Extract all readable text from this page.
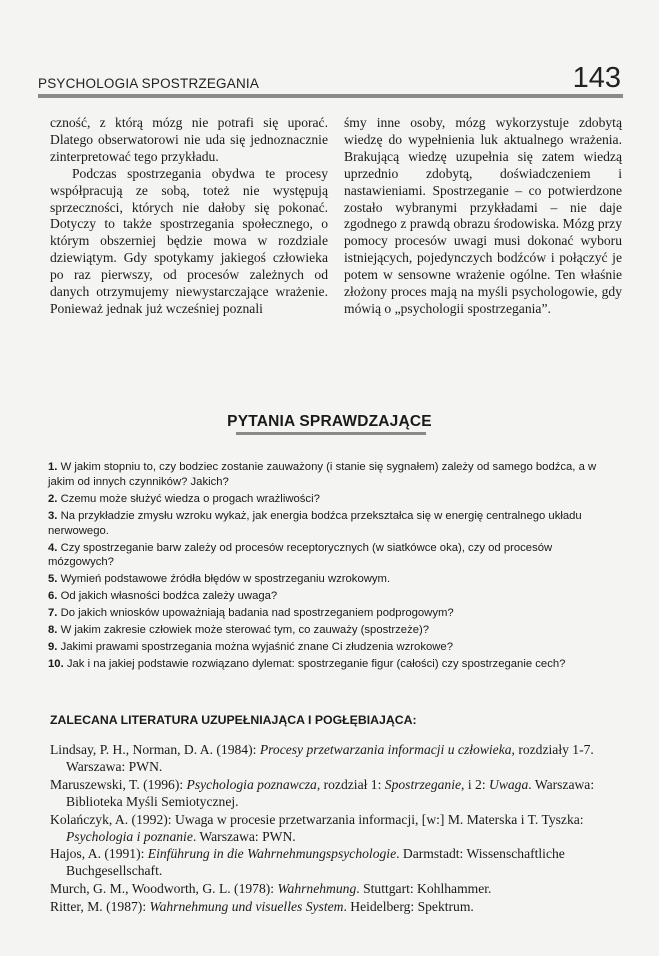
PSYCHOLOGIA SPOSTRZEGANIA	143

czność, z którą mózg nie potrafi się uporać. Dlatego obserwatorowi nie uda się jednoznacznie zinterpretować tego przykładu.

Podczas spostrzegania obydwa te procesy współpracują ze sobą, toteż nie występują sprzeczności, których nie dałoby się pokonać. Dotyczy to także spostrzegania społecznego, o którym obszerniej będzie mowa w rozdziale dziewiątym. Gdy spotykamy jakiegoś człowieka po raz pierwszy, od procesów zależnych od danych otrzymujemy niewystarczające wrażenie. Ponieważ jednak już wcześniej poznali

śmy inne osoby, mózg wykorzystuje zdobytą wiedzę do wypełnienia luk aktualnego wrażenia. Brakującą wiedzę uzupełnia się zatem wiedzą uprzednio zdobytą, doświadczeniem i nastawieniami. Spostrzeganie – co potwierdzone zostało wybranymi przykładami – nie daje zgodnego z prawdą obrazu środowiska. Mózg przy pomocy procesów uwagi musi dokonać wyboru istniejących, pojedynczych bodźców i połączyć je potem w sensowne wrażenie ogólne. Ten właśnie złożony proces mają na myśli psychologowie, gdy mówią o „psychologii spostrzegania”.

PYTANIA SPRAWDZAJĄCE
1. W jakim stopniu to, czy bodziec zostanie zauważony (i stanie się sygnałem) zależy od samego bodźca, a w jakim od innych czynników? Jakich?
2. Czemu może służyć wiedza o progach wrażliwości?
3. Na przykładzie zmysłu wzroku wykaż, jak energia bodźca przekształca się w energię centralnego układu nerwowego.
4. Czy spostrzeganie barw zależy od procesów receptorycznych (w siatkówce oka), czy od procesów mózgowych?
5. Wymień podstawowe źródła błędów w spostrzeganiu wzrokowym.
6. Od jakich własności bodźca zależy uwaga?
7. Do jakich wniosków upoważniają badania nad spostrzeganiem podprogowym?
8. W jakim zakresie człowiek może sterować tym, co zauważy (spostrzeże)?
9. Jakimi prawami spostrzegania można wyjaśnić znane Ci złudzenia wzrokowe?
10. Jak i na jakiej podstawie rozwiązano dylemat: spostrzeganie figur (całości) czy spostrzeganie cech?
ZALECANA LITERATURA UZUPEŁNIAJĄCA I POGŁĘBIAJĄCA:
Lindsay, P. H., Norman, D. A. (1984): Procesy przetwarzania informacji u człowieka, rozdziały 1-7. Warszawa: PWN.
Maruszewski, T. (1996): Psychologia poznawcza, rozdział 1: Spostrzeganie, i 2: Uwaga. Warszawa: Biblioteka Myśli Semiotycznej.
Kolańczyk, A. (1992): Uwaga w procesie przetwarzania informacji, [w:] M. Materska i T. Tyszka: Psychologia i poznanie. Warszawa: PWN.
Hajos, A. (1991): Einführung in die Wahrnehmungspsychologie. Darmstadt: Wissenschaftliche Buchgesellschaft.
Murch, G. M., Woodworth, G. L. (1978): Wahrnehmung. Stuttgart: Kohlhammer.
Ritter, M. (1987): Wahrnehmung und visuelles System. Heidelberg: Spektrum.
